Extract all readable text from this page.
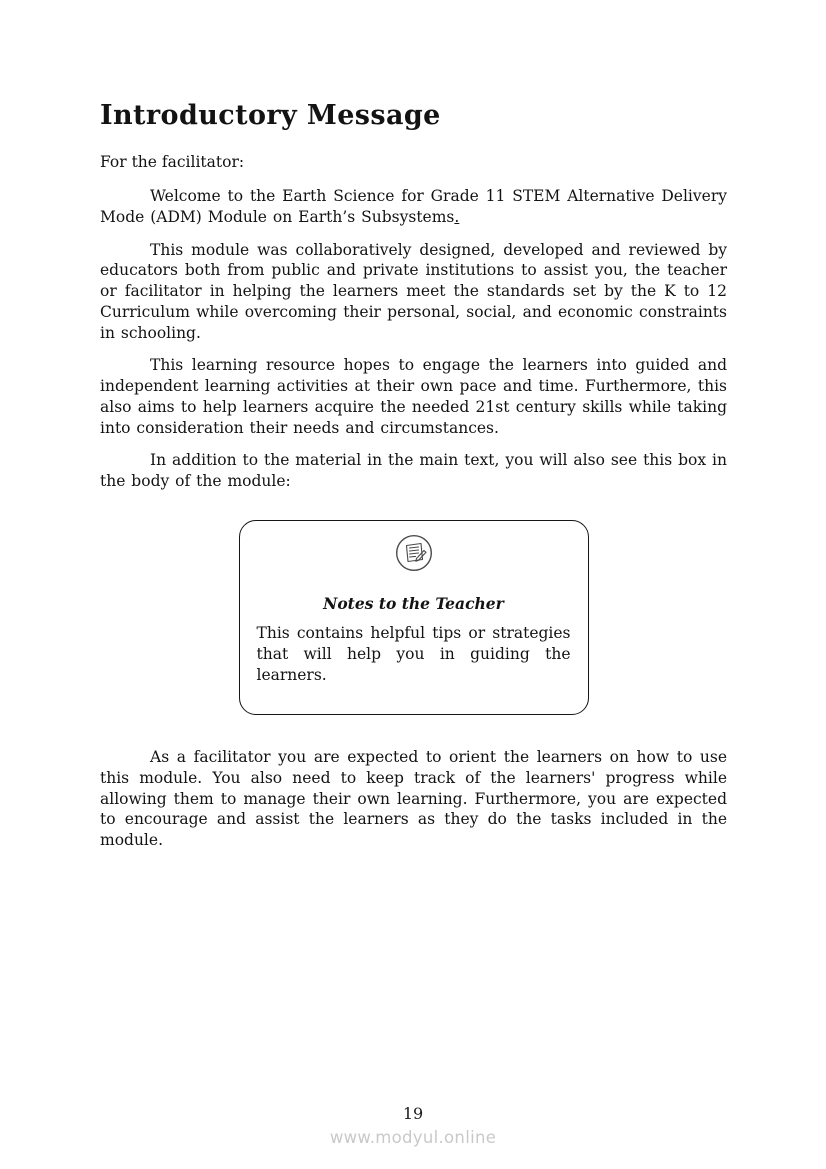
Introductory Message

For the facilitator:

Welcome to the Earth Science for Grade 11 STEM Alternative Delivery Mode (ADM) Module on Earth’s Subsystems.

This module was collaboratively designed, developed and reviewed by educators both from public and private institutions to assist you, the teacher or facilitator in helping the learners meet the standards set by the K to 12 Curriculum while overcoming their personal, social, and economic constraints in schooling.

This learning resource hopes to engage the learners into guided and independent learning activities at their own pace and time. Furthermore, this also aims to help learners acquire the needed 21st century skills while taking into consideration their needs and circumstances.

In addition to the material in the main text, you will also see this box in the body of the module:

Notes to the Teacher

This contains helpful tips or strategies that will help you in guiding the learners.

As a facilitator you are expected to orient the learners on how to use this module. You also need to keep track of the learners' progress while allowing them to manage their own learning. Furthermore, you are expected to encourage and assist the learners as they do the tasks included in the module.

19
www.modyul.online
